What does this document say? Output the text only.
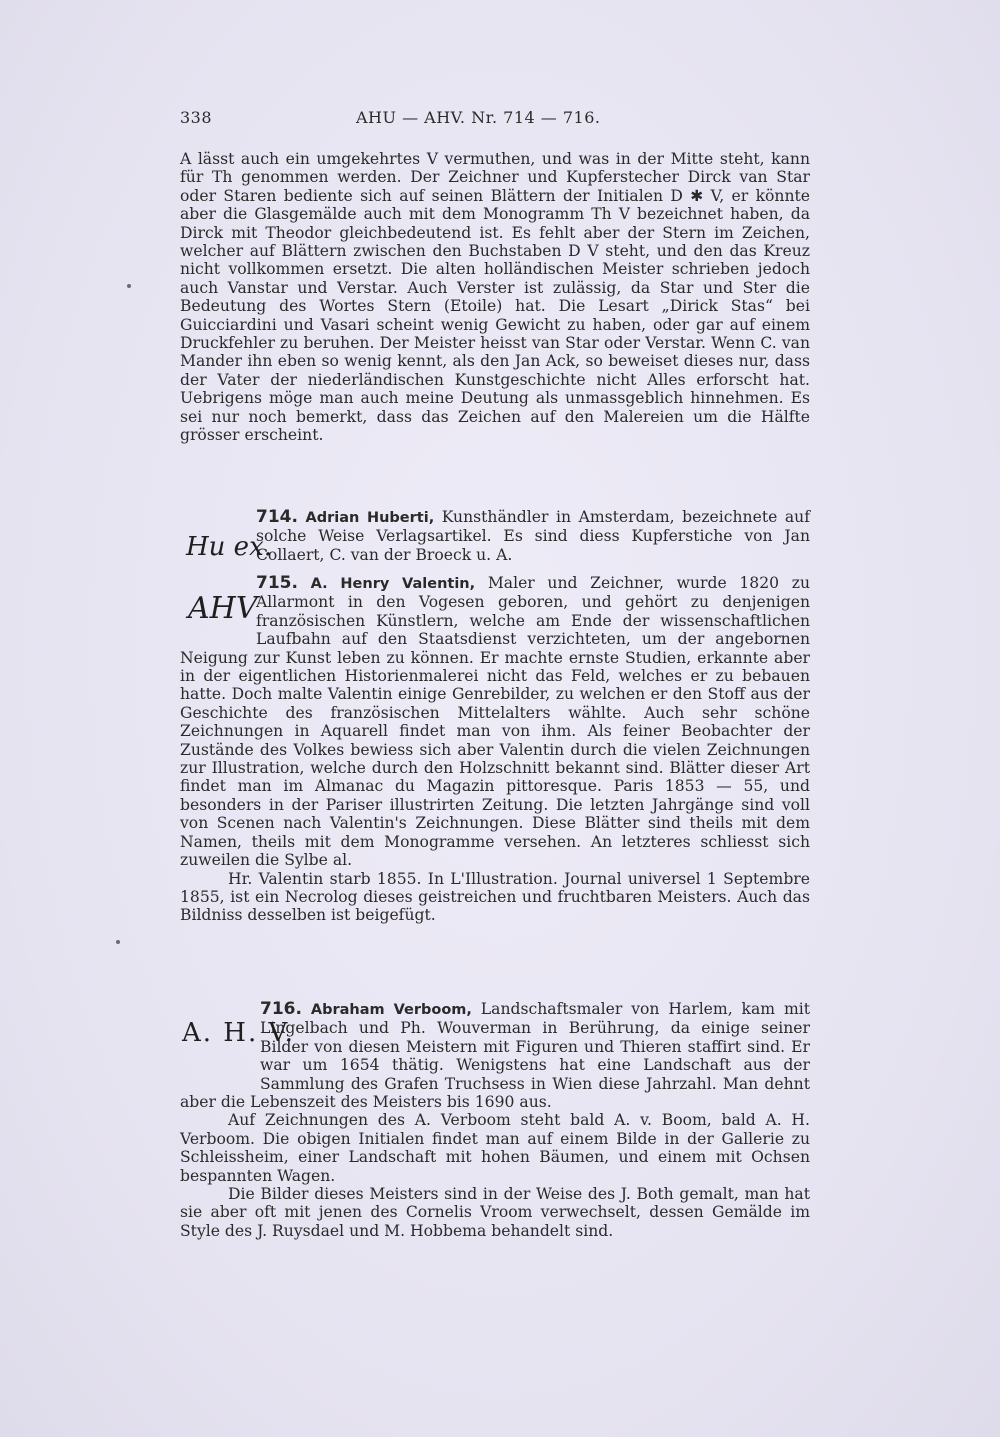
338	AHU — AHV. Nr. 714 — 716.

A lässt auch ein umgekehrtes V vermuthen, und was in der Mitte steht, kann für Th genommen werden. Der Zeichner und Kupferstecher Dirck van Star oder Staren bediente sich auf seinen Blättern der Initialen D ✱ V, er könnte aber die Glasgemälde auch mit dem Monogramm Th V bezeichnet haben, da Dirck mit Theodor gleichbedeutend ist. Es fehlt aber der Stern im Zeichen, welcher auf Blättern zwischen den Buchstaben D V steht, und den das Kreuz nicht vollkommen ersetzt. Die alten holländischen Meister schrieben jedoch auch Vanstar und Verstar. Auch Verster ist zulässig, da Star und Ster die Bedeutung des Wortes Stern (Etoile) hat. Die Lesart „Dirick Stas“ bei Guicciardini und Vasari scheint wenig Gewicht zu haben, oder gar auf einem Druckfehler zu beruhen. Der Meister heisst van Star oder Verstar. Wenn C. van Mander ihn eben so wenig kennt, als den Jan Ack, so beweiset dieses nur, dass der Vater der niederländischen Kunstgeschichte nicht Alles erforscht hat. Uebrigens möge man auch meine Deutung als unmassgeblich hinnehmen. Es sei nur noch bemerkt, dass das Zeichen auf den Malereien um die Hälfte grösser erscheint.

714. Adrian Huberti, Kunsthändler in Amsterdam, bezeichnete auf solche Weise Verlagsartikel. Es sind diess Kupferstiche von Jan Collaert, C. van der Broeck u. A.

Hu ex.

715. A. Henry Valentin, Maler und Zeichner, wurde 1820 zu Allarmont in den Vogesen geboren, und gehört zu denjenigen französischen Künstlern, welche am Ende der wissenschaftlichen Laufbahn auf den Staatsdienst verzichteten, um der angebornen Neigung zur Kunst leben zu können. Er machte ernste Studien, erkannte aber in der eigentlichen Historienmalerei nicht das Feld, welches er zu bebauen hatte. Doch malte Valentin einige Genrebilder, zu welchen er den Stoff aus der Geschichte des französischen Mittelalters wählte. Auch sehr schöne Zeichnungen in Aquarell findet man von ihm. Als feiner Beobachter der Zustände des Volkes bewiess sich aber Valentin durch die vielen Zeichnungen zur Illustration, welche durch den Holzschnitt bekannt sind. Blätter dieser Art findet man im Almanac du Magazin pittoresque. Paris 1853 — 55, und besonders in der Pariser illustrirten Zeitung. Die letzten Jahrgänge sind voll von Scenen nach Valentin's Zeichnungen. Diese Blätter sind theils mit dem Namen, theils mit dem Monogramme versehen. An letzteres schliesst sich zuweilen die Sylbe al.

Hr. Valentin starb 1855. In L'Illustration. Journal universel 1 Septembre 1855, ist ein Necrolog dieses geistreichen und fruchtbaren Meisters. Auch das Bildniss desselben ist beigefügt.

AHV

716. Abraham Verboom, Landschaftsmaler von Harlem, kam mit Lingelbach und Ph. Wouverman in Berührung, da einige seiner Bilder von diesen Meistern mit Figuren und Thieren staffirt sind. Er war um 1654 thätig. Wenigstens hat eine Landschaft aus der Sammlung des Grafen Truchsess in Wien diese Jahrzahl. Man dehnt aber die Lebenszeit des Meisters bis 1690 aus.

Auf Zeichnungen des A. Verboom steht bald A. v. Boom, bald A. H. Verboom. Die obigen Initialen findet man auf einem Bilde in der Gallerie zu Schleissheim, einer Landschaft mit hohen Bäumen, und einem mit Ochsen bespannten Wagen.

Die Bilder dieses Meisters sind in der Weise des J. Both gemalt, man hat sie aber oft mit jenen des Cornelis Vroom verwechselt, dessen Gemälde im Style des J. Ruysdael und M. Hobbema behandelt sind.

A. H. V.
